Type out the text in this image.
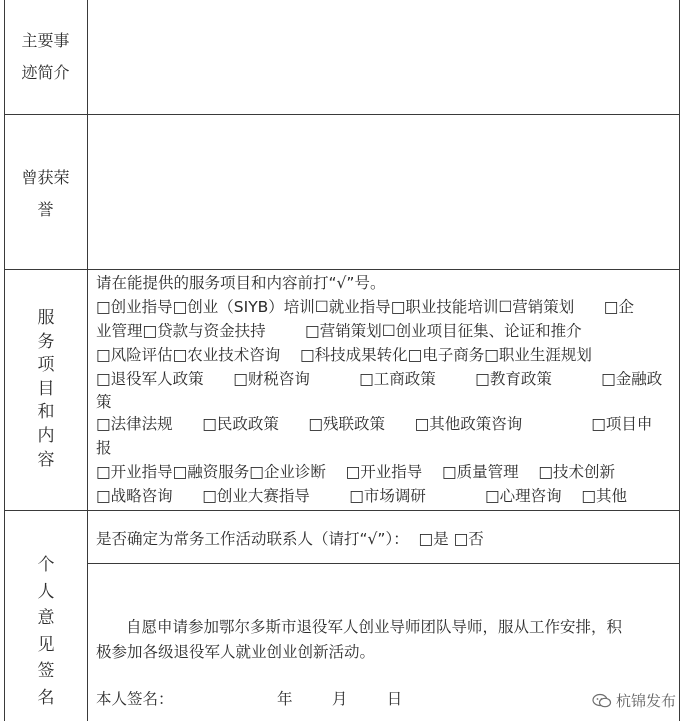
主要事
迹简介
曾获荣
誉
服务项目和内容
请在能提供的服务项目和内容前打“√”号。
□创业指导□创业（SIYB）培训☐就业指导□职业技能培训☐营销策划      □企
业管理□贷款与资金扶持        □营销策划☐创业项目征集、论证和推介
□风险评估□农业技术咨询    □科技成果转化□电子商务□职业生涯规划
□退役军人政策      □财税咨询          □工商政策        □教育政策          □金融政
策
□法律法规      □民政政策      □残联政策      □其他政策咨询              □项目申
报
□开业指导□融资服务□企业诊断    □开业指导    □质量管理    □技术创新
□战略咨询      □创业大赛指导        □市场调研            □心理咨询    □其他
个人意见签名
是否确定为常务工作活动联系人（请打“√”）：  □是 □否
自愿申请参加鄂尔多斯市退役军人创业导师团队导师，服从工作安排，积
极参加各级退役军人就业创业创新活动。
本人签名：                     年        月        日	杭锦发布
